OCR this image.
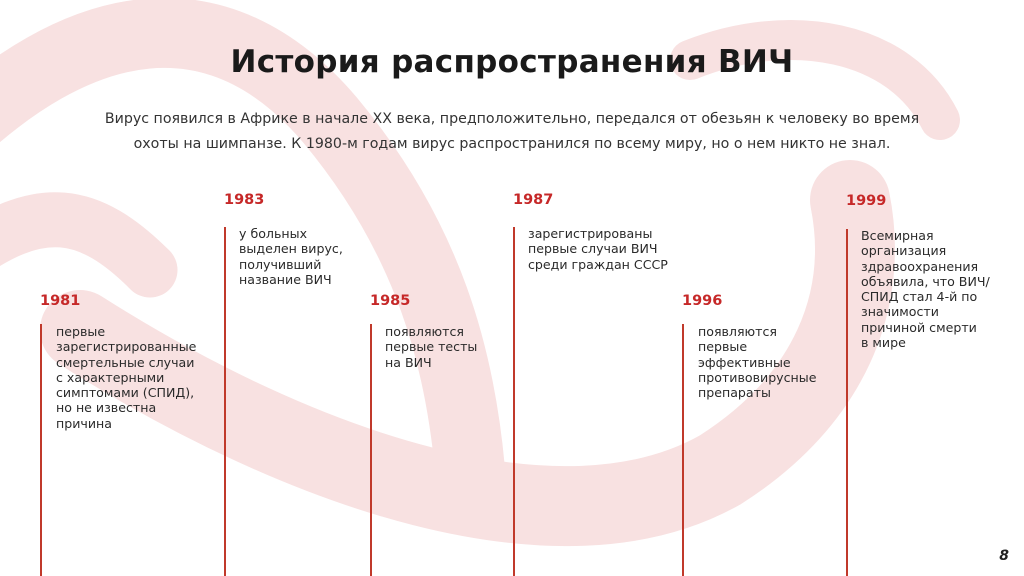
История распространения ВИЧ
Вирус появился в Африке в начале XX века, предположительно, передался от обезьян к человеку во время охоты на шимпанзе. К 1980-м годам вирус распространился по всему миру, но о нем никто не знал.
1981
первые
зарегистрированные
смертельные случаи
с характерными
симптомами (СПИД),
но не известна
причина
1983
у больных
выделен вирус,
получивший
название ВИЧ
1985
появляются
первые тесты
на ВИЧ
1987
зарегистрированы
первые случаи ВИЧ
среди граждан СССР
1996
появляются
первые
эффективные
противовирусные
препараты
1999
Всемирная
организация
здравоохранения
объявила, что ВИЧ/
СПИД стал 4-й по
значимости
причиной смерти
в мире
8
